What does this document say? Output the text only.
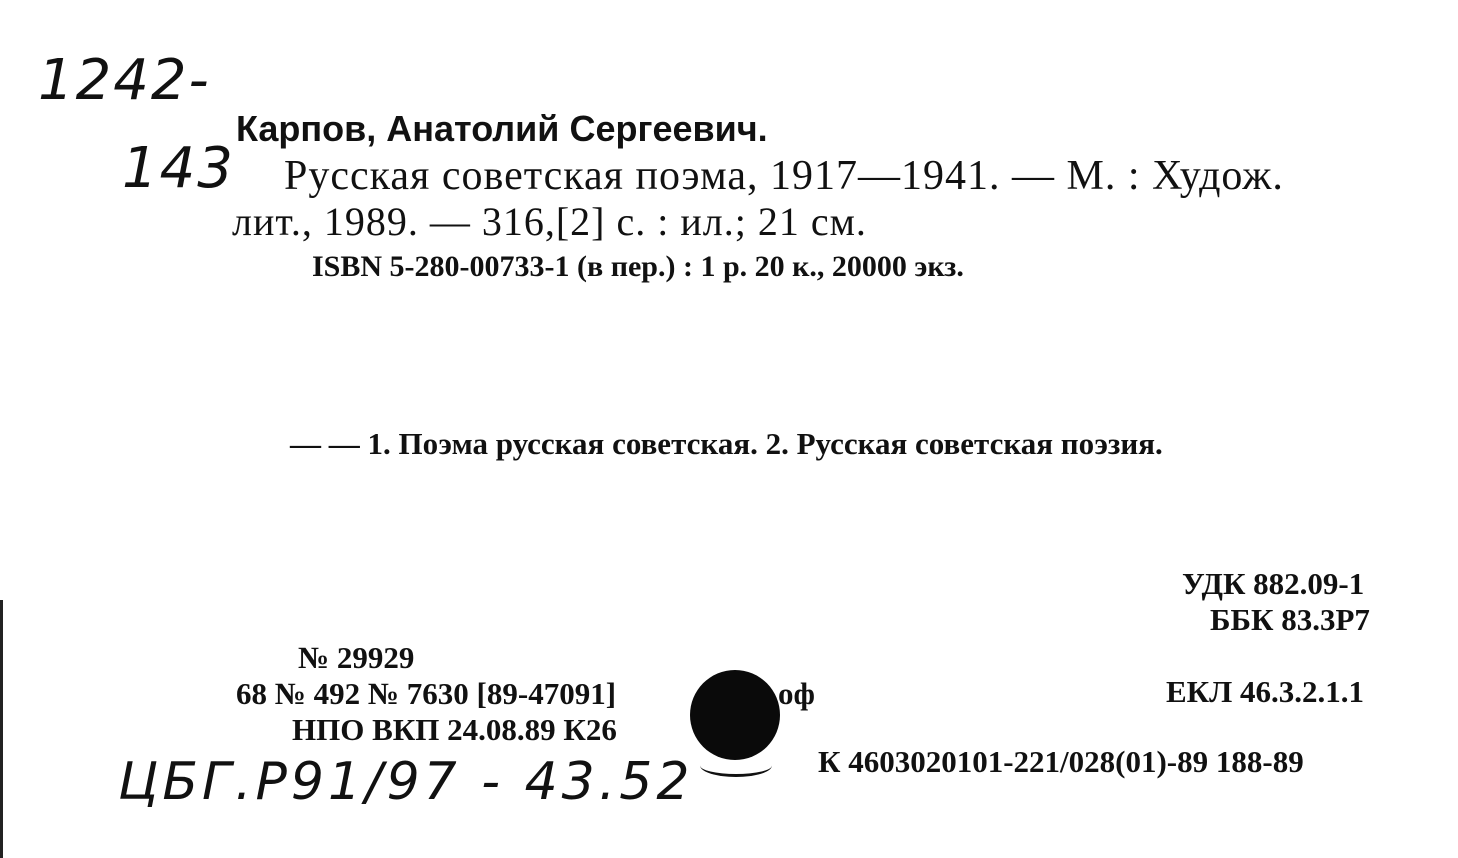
1242-
143
Карпов, Анатолий Сергеевич.
Русская советская поэма, 1917—1941. — М. : Худож.
лит., 1989. — 316,[2] с. : ил.; 21 см.
ISBN 5-280-00733-1 (в пер.) : 1 р. 20 к., 20000 экз.
— — 1. Поэма русская советская. 2. Русская советская поэзия.
УДК 882.09-1
ББК 83.3Р7
№ 29929
68 № 492 № 7630 [89-47091]	оф
НПО ВКП 24.08.89 К26
ЕКЛ 46.3.2.1.1
К 4603020101-221/028(01)-89 188-89
ЦБГ.Р91/97 - 43.52
